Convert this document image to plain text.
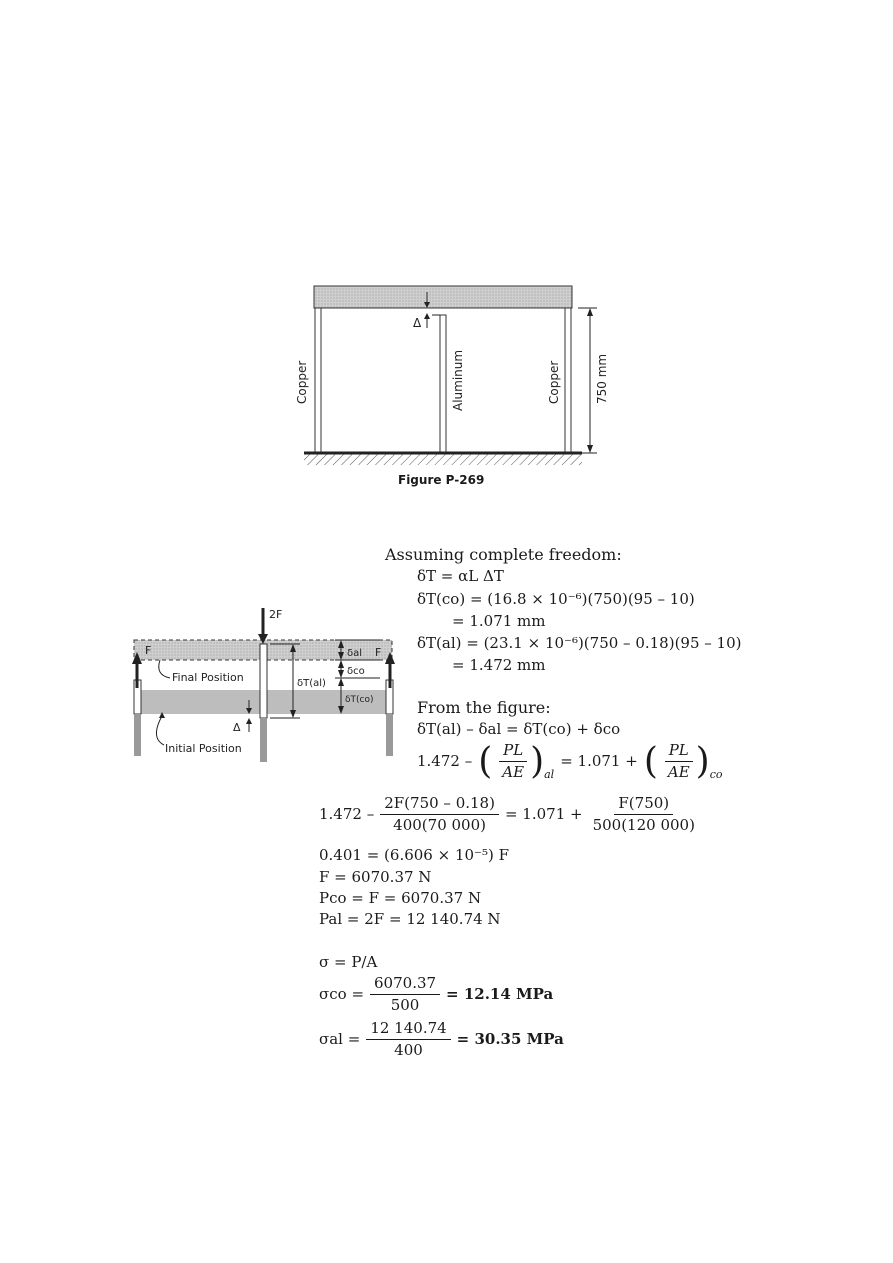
Δ
750 mm
Copper	Aluminum	Copper
Figure P-269
2F
F	F
Final Position
Initial Position
Δ
δT(al)
δal
δco
δT(co)
Assuming complete freedom:
δT = αL ΔT
δT(co) = (16.8 × 10⁻⁶)(750)(95 – 10)
= 1.071 mm
δT(al) = (23.1 × 10⁻⁶)(750 – 0.18)(95 – 10)
= 1.472 mm
From the figure:
δT(al) – δal = δT(co) + δco
1.472 – ( $\frac{PL}{AE}$ ) al
= 1.071 + ( $\frac{PL}{AE}$ ) co
$1.472 - \frac{2F(750 - 0.18)}{400(70 000)} = 1.071 + \frac{F(750)}{500(120 000)}$
0.401 = (6.606 × 10⁻⁵) F
F = 6070.37 N
Pco = F = 6070.37 N
Pal = 2F = 12 140.74 N
σ = P/A
$\sigma co = \frac{6070.37}{500} = 12.14$ MPa
$\sigma al = \frac{12 140.74}{400} = 30.35$ MPa
